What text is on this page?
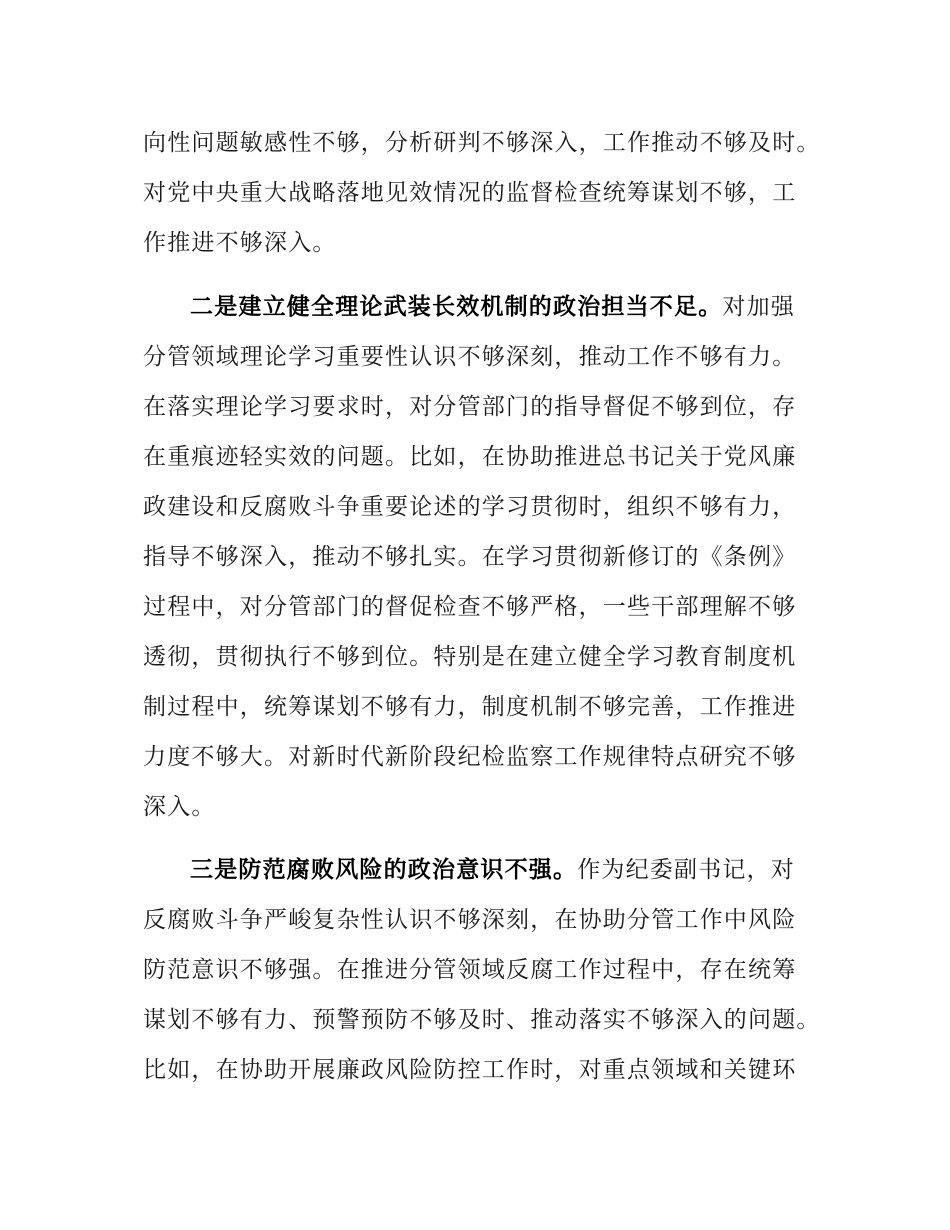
向性问题敏感性不够，分析研判不够深入，工作推动不够及时。
对党中央重大战略落地见效情况的监督检查统筹谋划不够，工
作推进不够深入。
二是建立健全理论武装长效机制的政治担当不足。对加强
分管领域理论学习重要性认识不够深刻，推动工作不够有力。
在落实理论学习要求时，对分管部门的指导督促不够到位，存
在重痕迹轻实效的问题。比如，在协助推进总书记关于党风廉
政建设和反腐败斗争重要论述的学习贯彻时，组织不够有力，
指导不够深入，推动不够扎实。在学习贯彻新修订的《条例》
过程中，对分管部门的督促检查不够严格，一些干部理解不够
透彻，贯彻执行不够到位。特别是在建立健全学习教育制度机
制过程中，统筹谋划不够有力，制度机制不够完善，工作推进
力度不够大。对新时代新阶段纪检监察工作规律特点研究不够
深入。
三是防范腐败风险的政治意识不强。作为纪委副书记，对
反腐败斗争严峻复杂性认识不够深刻，在协助分管工作中风险
防范意识不够强。在推进分管领域反腐工作过程中，存在统筹
谋划不够有力、预警预防不够及时、推动落实不够深入的问题。
比如，在协助开展廉政风险防控工作时，对重点领域和关键环
